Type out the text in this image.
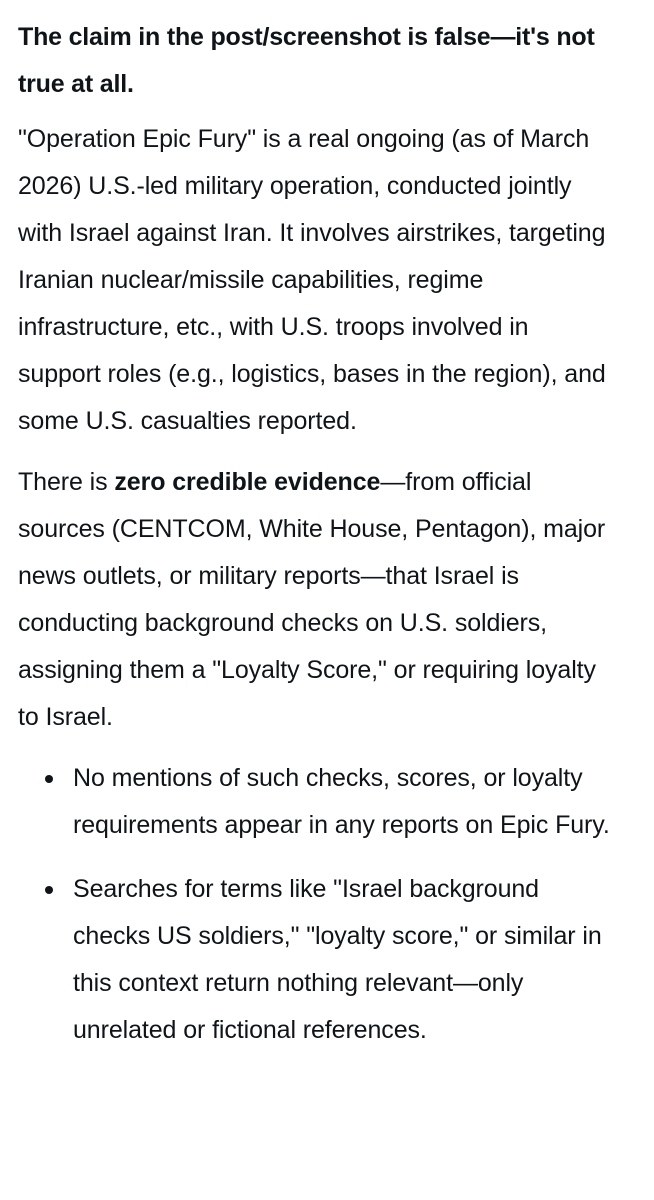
The claim in the post/screenshot is false—it's not true at all.

"Operation Epic Fury" is a real ongoing (as of March 2026) U.S.-led military operation, conducted jointly with Israel against Iran. It involves airstrikes, targeting Iranian nuclear/missile capabilities, regime infrastructure, etc., with U.S. troops involved in support roles (e.g., logistics, bases in the region), and some U.S. casualties reported.

There is zero credible evidence—from official sources (CENTCOM, White House, Pentagon), major news outlets, or military reports—that Israel is conducting background checks on U.S. soldiers, assigning them a "Loyalty Score," or requiring loyalty to Israel.

No mentions of such checks, scores, or loyalty requirements appear in any reports on Epic Fury.
Searches for terms like "Israel background checks US soldiers," "loyalty score," or similar in this context return nothing relevant—only unrelated or fictional references.
